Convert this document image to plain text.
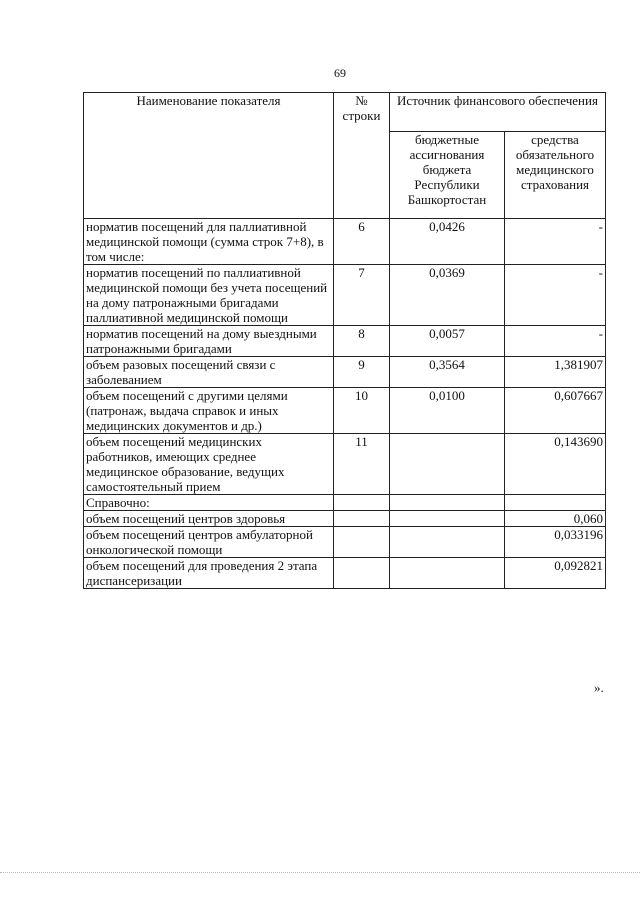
69
Наименование показателя	№ строки	Источник финансового обеспечения	
		бюджетные ассигнования бюджета Республики Башкортостан	средства обязательного медицинского страхования
норматив посещений для паллиативной медицинской помощи (сумма строк 7+8), в том числе:	6	0,0426	-
норматив посещений по паллиативной медицинской помощи без учета посещений на дому патронажными бригадами паллиативной медицинской помощи	7	0,0369	-
норматив посещений на дому выездными патронажными бригадами	8	0,0057	-
объем разовых посещений связи с заболеванием	9	0,3564	1,381907
объем посещений с другими целями (патронаж, выдача справок и иных медицинских документов и др.)	10	0,0100	0,607667
объем посещений медицинских работников, имеющих среднее медицинское образование, ведущих самостоятельный прием	11		0,143690
Справочно:			
объем посещений центров здоровья			0,060
объем посещений центров амбулаторной онкологической помощи			0,033196
объем посещений для проведения 2 этапа диспансеризации			0,092821
».
